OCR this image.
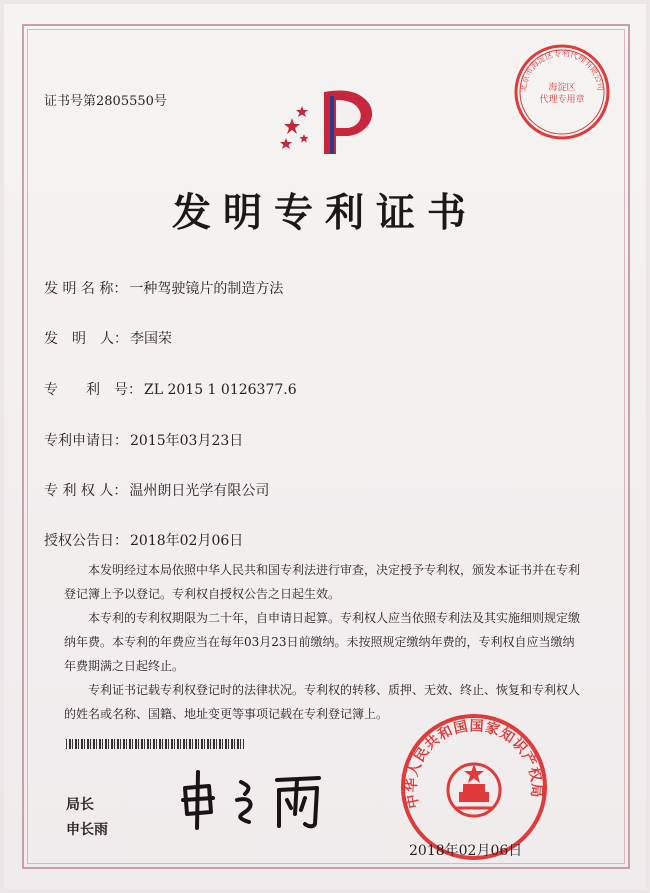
证书号第2805550号
北京市海淀区专利代理有限公司
海淀区
代理专用章
发明专利证书
发 明 名 称： 一种驾驶镜片的制造方法
发　明　人： 李国荣
专　　利　号： ZL 2015 1 0126377.6
专利申请日： 2015年03月23日
专 利 权 人： 温州朗日光学有限公司
授权公告日： 2018年02月06日

本发明经过本局依照中华人民共和国专利法进行审查，决定授予专利权，颁发本证书并在专利登记簿上予以登记。专利权自授权公告之日起生效。

本专利的专利权期限为二十年，自申请日起算。专利权人应当依照专利法及其实施细则规定缴纳年费。本专利的年费应当在每年03月23日前缴纳。未按照规定缴纳年费的，专利权自应当缴纳年费期满之日起终止。

专利证书记载专利权登记时的法律状况。专利权的转移、质押、无效、终止、恢复和专利权人的姓名或名称、国籍、地址变更等事项记载在专利登记簿上。

局长
申长雨
中华人民共和国国家知识产权局
2018年02月06日
